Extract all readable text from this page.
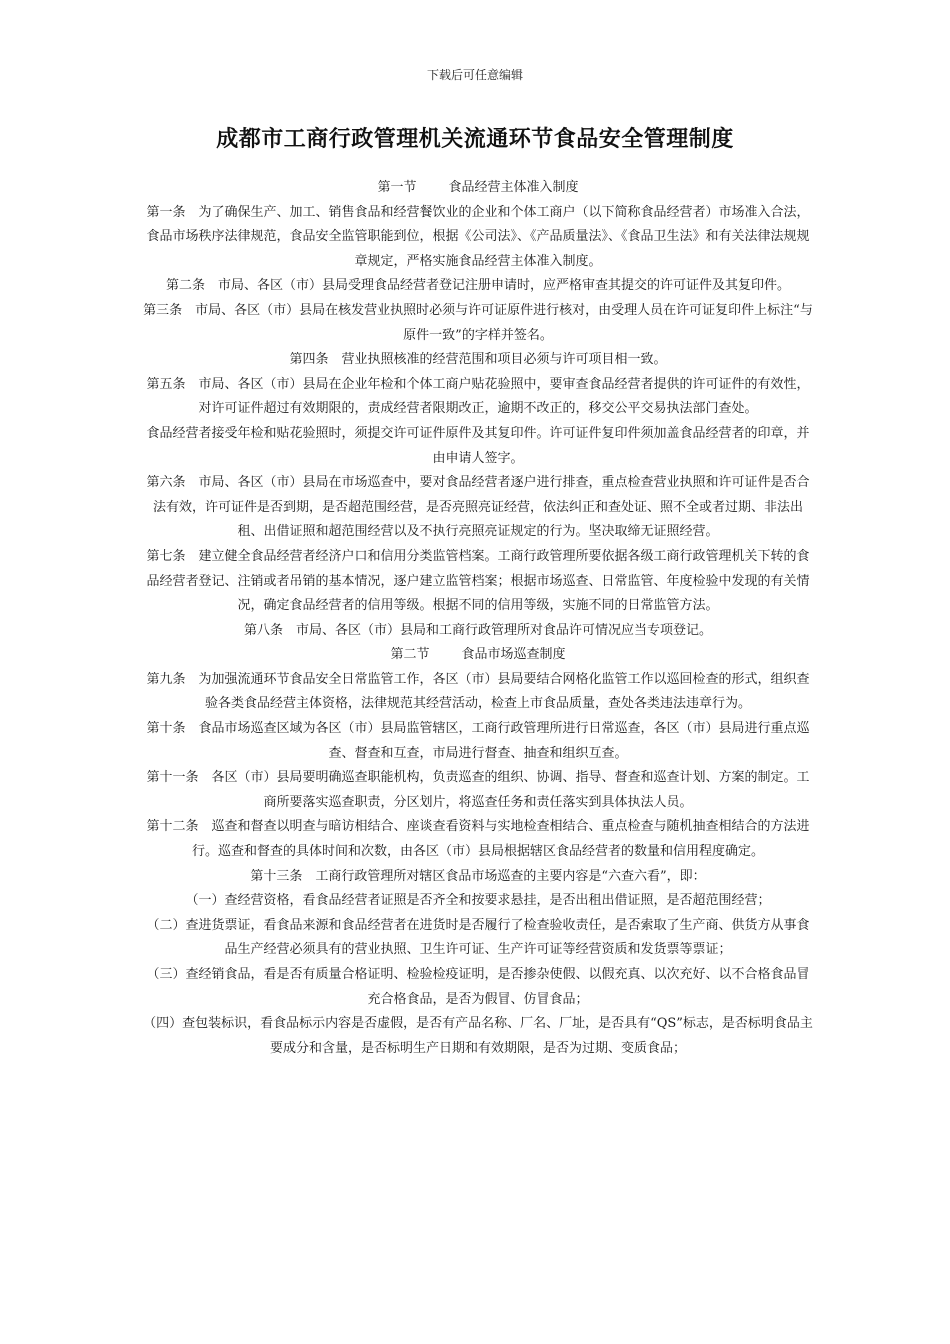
下载后可任意编辑
成都市工商行政管理机关流通环节食品安全管理制度

第一节 食品经营主体准入制度

第一条　为了确保生产、加工、销售食品和经营餐饮业的企业和个体工商户（以下简称食品经营者）市场准入合法，食品市场秩序法律规范，食品安全监管职能到位，根据《公司法》、《产品质量法》、《食品卫生法》和有关法律法规规章规定，严格实施食品经营主体准入制度。

第二条　市局、各区（市）县局受理食品经营者登记注册申请时，应严格审查其提交的许可证件及其复印件。

第三条　市局、各区（市）县局在核发营业执照时必须与许可证原件进行核对，由受理人员在许可证复印件上标注“与原件一致”的字样并签名。

第四条　营业执照核准的经营范围和项目必须与许可项目相一致。

第五条　市局、各区（市）县局在企业年检和个体工商户贴花验照中，要审查食品经营者提供的许可证件的有效性，对许可证件超过有效期限的，责成经营者限期改正，逾期不改正的，移交公平交易执法部门查处。

食品经营者接受年检和贴花验照时，须提交许可证件原件及其复印件。许可证件复印件须加盖食品经营者的印章，并由申请人签字。

第六条　市局、各区（市）县局在市场巡查中，要对食品经营者逐户进行排查，重点检查营业执照和许可证件是否合法有效，许可证件是否到期，是否超范围经营，是否亮照亮证经营，依法纠正和查处证、照不全或者过期、非法出租、出借证照和超范围经营以及不执行亮照亮证规定的行为。坚决取缔无证照经营。

第七条　建立健全食品经营者经济户口和信用分类监管档案。工商行政管理所要依据各级工商行政管理机关下转的食品经营者登记、注销或者吊销的基本情况，逐户建立监管档案；根据市场巡查、日常监管、年度检验中发现的有关情况，确定食品经营者的信用等级。根据不同的信用等级，实施不同的日常监管方法。

第八条　市局、各区（市）县局和工商行政管理所对食品许可情况应当专项登记。

第二节 食品市场巡查制度

第九条　为加强流通环节食品安全日常监管工作，各区（市）县局要结合网格化监管工作以巡回检查的形式，组织查验各类食品经营主体资格，法律规范其经营活动，检查上市食品质量，查处各类违法违章行为。

第十条　食品市场巡查区域为各区（市）县局监管辖区，工商行政管理所进行日常巡查，各区（市）县局进行重点巡查、督查和互查，市局进行督查、抽查和组织互查。

第十一条　各区（市）县局要明确巡查职能机构，负责巡查的组织、协调、指导、督查和巡查计划、方案的制定。工商所要落实巡查职责，分区划片，将巡查任务和责任落实到具体执法人员。

第十二条　巡查和督查以明查与暗访相结合、座谈查看资料与实地检查相结合、重点检查与随机抽查相结合的方法进行。巡查和督查的具体时间和次数，由各区（市）县局根据辖区食品经营者的数量和信用程度确定。

第十三条　工商行政管理所对辖区食品市场巡查的主要内容是“六查六看”，即：

（一）查经营资格，看食品经营者证照是否齐全和按要求悬挂，是否出租出借证照，是否超范围经营；

（二）查进货票证，看食品来源和食品经营者在进货时是否履行了检查验收责任，是否索取了生产商、供货方从事食品生产经营必须具有的营业执照、卫生许可证、生产许可证等经营资质和发货票等票证；

（三）查经销食品，看是否有质量合格证明、检验检疫证明，是否掺杂使假、以假充真、以次充好、以不合格食品冒充合格食品，是否为假冒、仿冒食品；

（四）查包装标识，看食品标示内容是否虚假，是否有产品名称、厂名、厂址，是否具有“QS”标志，是否标明食品主要成分和含量，是否标明生产日期和有效期限，是否为过期、变质食品；
